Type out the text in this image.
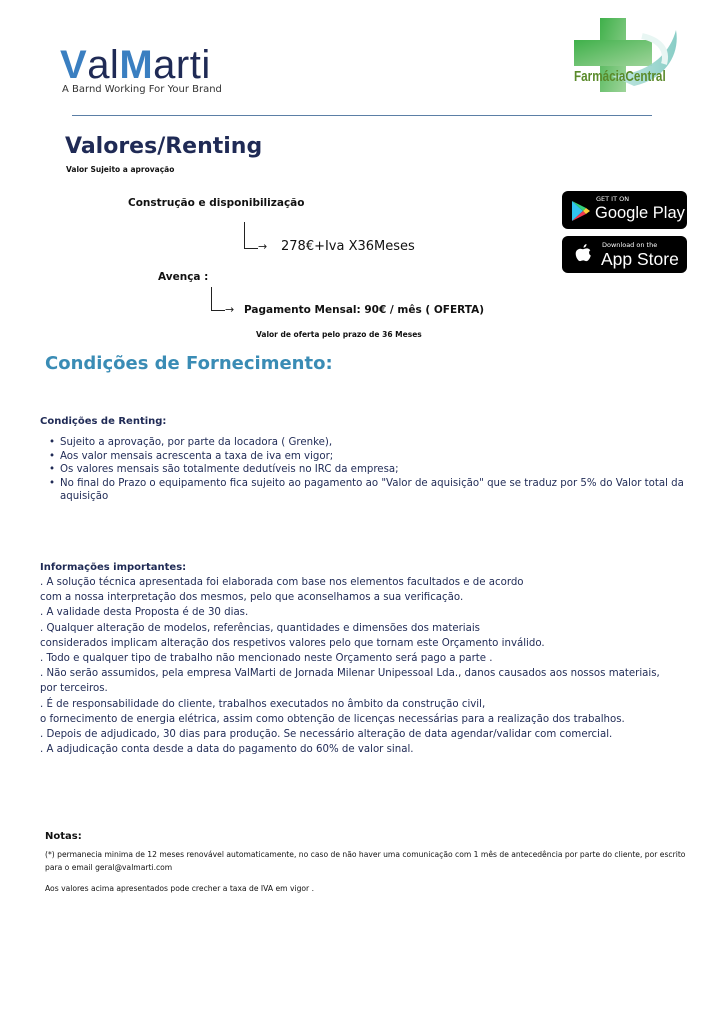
ValMarti
A Barnd Working For Your Brand
FarmáciaCentral
Valores/Renting
Valor Sujeito a aprovação
Construção e disponibilização
→ 278€+Iva X36Meses
Avença :
→ Pagamento Mensal: 90€ / mês ( OFERTA)
Valor de oferta pelo prazo de 36 Meses
GET IT ON
Google Play
Download on the
App Store
Condições de Fornecimento:
Condições de Renting:
• Sujeito a aprovação, por parte da locadora ( Grenke),
• Aos valor mensais acrescenta a taxa de iva em vigor;
• Os valores mensais são totalmente dedutíveis no IRC da empresa;
• No final do Prazo o equipamento fica sujeito ao pagamento ao "Valor de aquisição" que se traduz por 5% do Valor total da aquisição
Informações importantes:
. A solução técnica apresentada foi elaborada com base nos elementos facultados e de acordo
com a nossa interpretação dos mesmos, pelo que aconselhamos a sua verificação.
. A validade desta Proposta é de 30 dias.
. Qualquer alteração de modelos, referências, quantidades e dimensões dos materiais
considerados implicam alteração dos respetivos valores pelo que tornam este Orçamento inválido.
. Todo e qualquer tipo de trabalho não mencionado neste Orçamento será pago a parte .
. Não serão assumidos, pela empresa ValMarti de Jornada Milenar Unipessoal Lda., danos causados aos nossos materiais,
por terceiros.
. É de responsabilidade do cliente, trabalhos executados no âmbito da construção civil,
o fornecimento de energia elétrica, assim como obtenção de licenças necessárias para a realização dos trabalhos.
. Depois de adjudicado, 30 dias para produção. Se necessário alteração de data agendar/validar com comercial.
. A adjudicação conta desde a data do pagamento do 60% de valor sinal.
Notas:
(*) permanecia minima de 12 meses renovável automaticamente, no caso de não haver uma comunicação com 1 mês de antecedência por parte do cliente, por escrito para o email geral@valmarti.com
Aos valores acima apresentados pode crecher a taxa de IVA em vigor .
